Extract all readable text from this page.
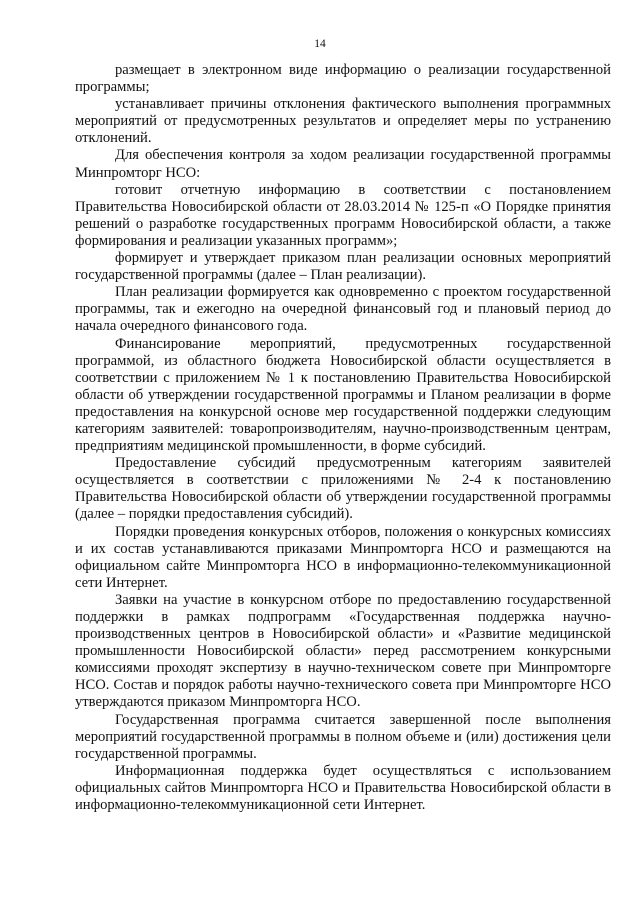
14

размещает в электронном виде информацию о реализации государственной программы;

устанавливает причины отклонения фактического выполнения программных мероприятий от предусмотренных результатов и определяет меры по устранению отклонений.

Для обеспечения контроля за ходом реализации государственной программы Минпромторг НСО:

готовит отчетную информацию в соответствии с постановлением Правительства Новосибирской области от 28.03.2014 № 125-п «О Порядке принятия решений о разработке государственных программ Новосибирской области, а также формирования и реализации указанных программ»;

формирует и утверждает приказом план реализации основных мероприятий государственной программы (далее – План реализации).

План реализации формируется как одновременно с проектом государственной программы, так и ежегодно на очередной финансовый год и плановый период до начала очередного финансового года.

Финансирование мероприятий, предусмотренных государственной программой, из областного бюджета Новосибирской области осуществляется в соответствии с приложением № 1 к постановлению Правительства Новосибирской области об утверждении государственной программы и Планом реализации в форме предоставления на конкурсной основе мер государственной поддержки следующим категориям заявителей: товаропроизводителям, научно-производственным центрам, предприятиям медицинской промышленности, в форме субсидий.

Предоставление субсидий предусмотренным категориям заявителей осуществляется в соответствии с приложениями № 2-4 к постановлению Правительства Новосибирской области об утверждении государственной программы (далее – порядки предоставления субсидий).

Порядки проведения конкурсных отборов, положения о конкурсных комиссиях и их состав устанавливаются приказами Минпромторга НСО и размещаются на официальном сайте Минпромторга НСО в информационно-телекоммуникационной сети Интернет.

Заявки на участие в конкурсном отборе по предоставлению государственной поддержки в рамках подпрограмм «Государственная поддержка научно-производственных центров в Новосибирской области» и «Развитие медицинской промышленности Новосибирской области» перед рассмотрением конкурсными комиссиями проходят экспертизу в научно-техническом совете при Минпромторге НСО. Состав и порядок работы научно-технического совета при Минпромторге НСО утверждаются приказом Минпромторга НСО.

Государственная программа считается завершенной после выполнения мероприятий государственной программы в полном объеме и (или) достижения цели государственной программы.

Информационная поддержка будет осуществляться с использованием официальных сайтов Минпромторга НСО и Правительства Новосибирской области в информационно-телекоммуникационной сети Интернет.
